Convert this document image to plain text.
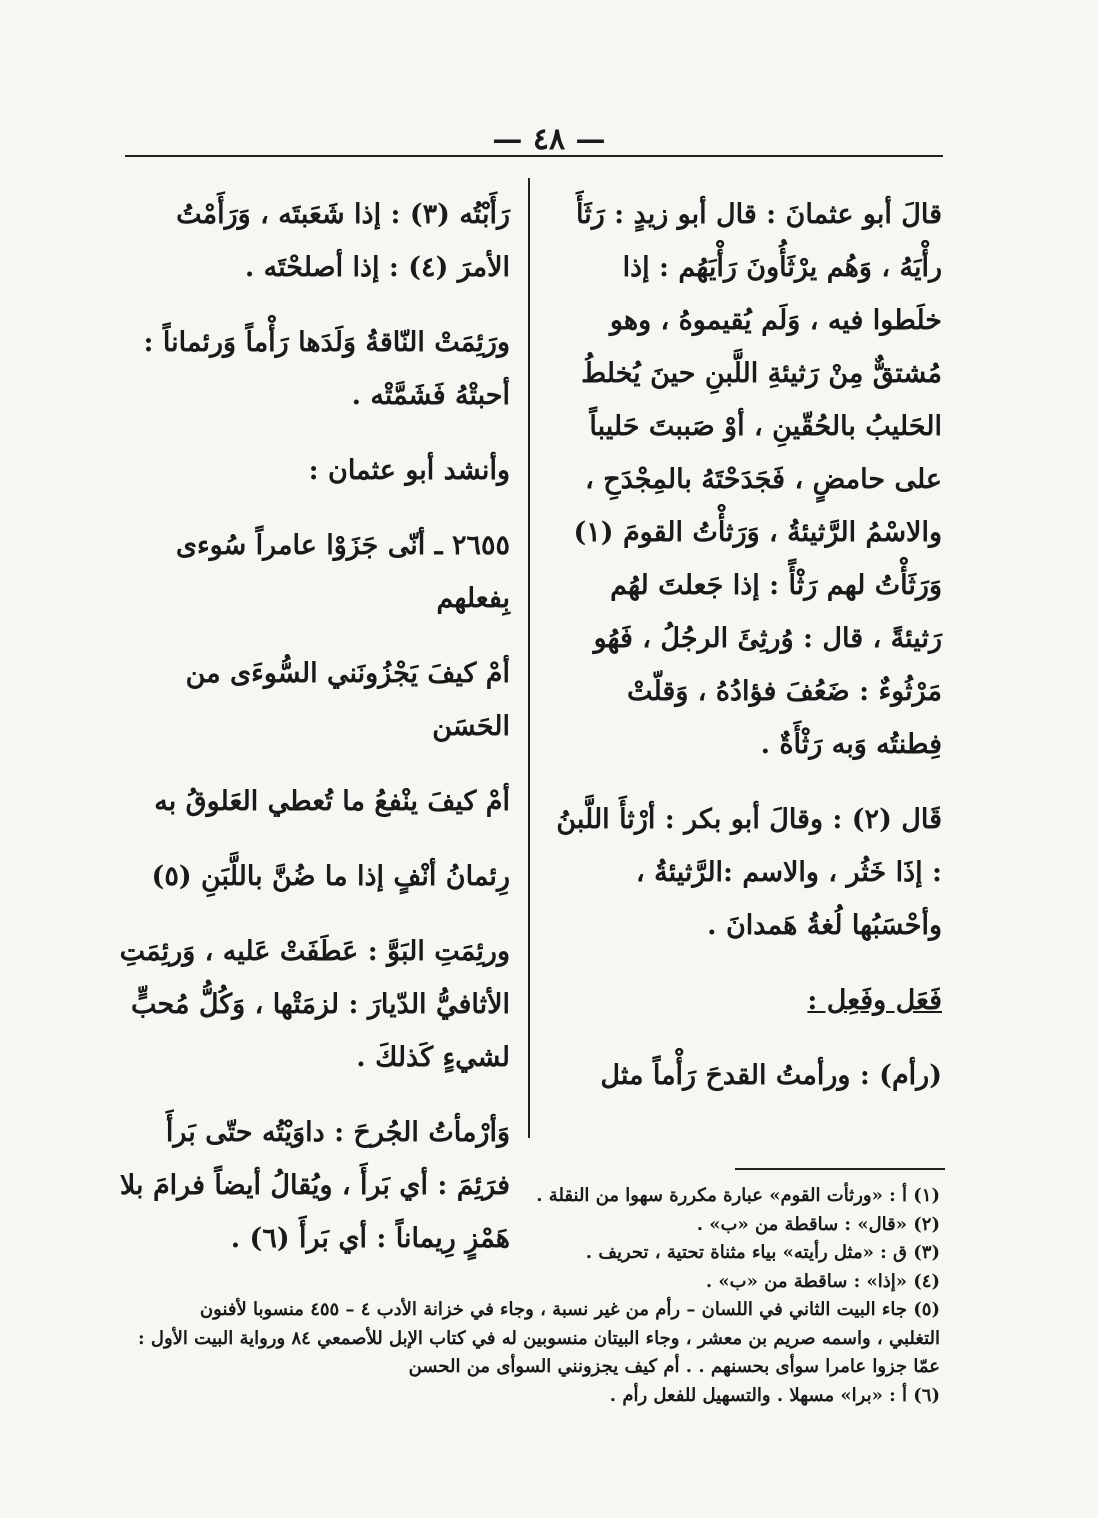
— ٤٨ —

قالَ أبو عثمانَ : قال أبو زيدٍ : رَثَأَ رأْيَهُ ، وَهُم يرْثَأُونَ رَأْيَهُم : إذا خلَطوا فيه ، وَلَم يُقيموهُ ، وهو مُشتقٌّ مِنْ رَثيئةِ اللَّبنِ حينَ يُخلطُ الحَليبُ بالحُقّينِ ، أوْ صَببتَ حَليباً على حامضٍ ، فَجَدَحْتَهُ بالمِجْدَحِ ، والاسْمُ الرَّثيئةُ ، وَرَثأْتُ القومَ (١) وَرَثَأْتُ لهم رَثْأً : إذا جَعلتَ لهُم رَثيئةً ، قال : وُرثِئَ الرجُلُ ، فَهُو مَرْثُوءٌ : ضَعُفَ فؤادُهُ ، وَقلّتْ فِطنتُه وَبه رَثْأَةٌ .

قَال (٢) : وقالَ أبو بكر : أرْثأَ اللَّبنُ : إذَا خَثُر ، والاسم :الرَّثيئةُ ، وأحْسَبُها لُغةُ هَمدانَ .

فَعَل وفَعِل :

(رأم) : ورأمتُ القدحَ رَأْماً مثل

رَأَبْتُه (٣) : إذا شَعَبتَه ، وَرَأَمْتُ الأمرَ (٤) : إذا أصلحْتَه .

ورَئِمَتْ النّاقةُ وَلَدَها رَأْماً وَرئماناً : أحبتْهُ فَشَمَّتْه .

وأنشد أبو عثمان :

٢٦٥٥ ـ أنّى جَزَوْا عامراً سُوءى بِفعلهم

أمْ كيفَ يَجْزُونَني السُّوءَى من الحَسَن

أمْ كيفَ ينْفعُ ما تُعطي العَلوقُ به

رِئمانُ أنْفٍ إذا ما ضُنَّ باللَّبَنِ (٥)

ورئِمَتِ البَوَّ : عَطَفَتْ عَليه ، وَرئِمَتِ الأثافيُّ الدّيارَ : لزمَتْها ، وَكُلُّ مُحبٍّ لشيءٍ كَذلكَ .

وَأرْمأتُ الجُرحَ : داوَيْتُه حتّى بَرأَ فرَئِمَ : أي بَرأَ ، ويُقالُ أيضاً فرامَ بلا هَمْزٍ رِيماناً : أي بَرأَ (٦) .

(١) أ : «ورثأت القوم» عبارة مكررة سهوا من النقلة .
(٢) «قال» : ساقطة من «ب» .
(٣) ق : «مثل رأيته» بياء مثناة تحتية ، تحريف .
(٤) «إذا» : ساقطة من «ب» .
(٥) جاء البيت الثاني في اللسان – رأم من غير نسبة ، وجاء في خزانة الأدب ٤ – ٤٥٥ منسوبا لأفنون
التغلبي ، واسمه صريم بن معشر ، وجاء البيتان منسوبين له في كتاب الإبل للأصمعي ٨٤ ورواية البيت الأول :
عمّا جزوا عامرا سوأى بحسنهم . . أم كيف يجزونني السوأى من الحسن
(٦) أ : «برا» مسهلا . والتسهيل للفعل رأم .
